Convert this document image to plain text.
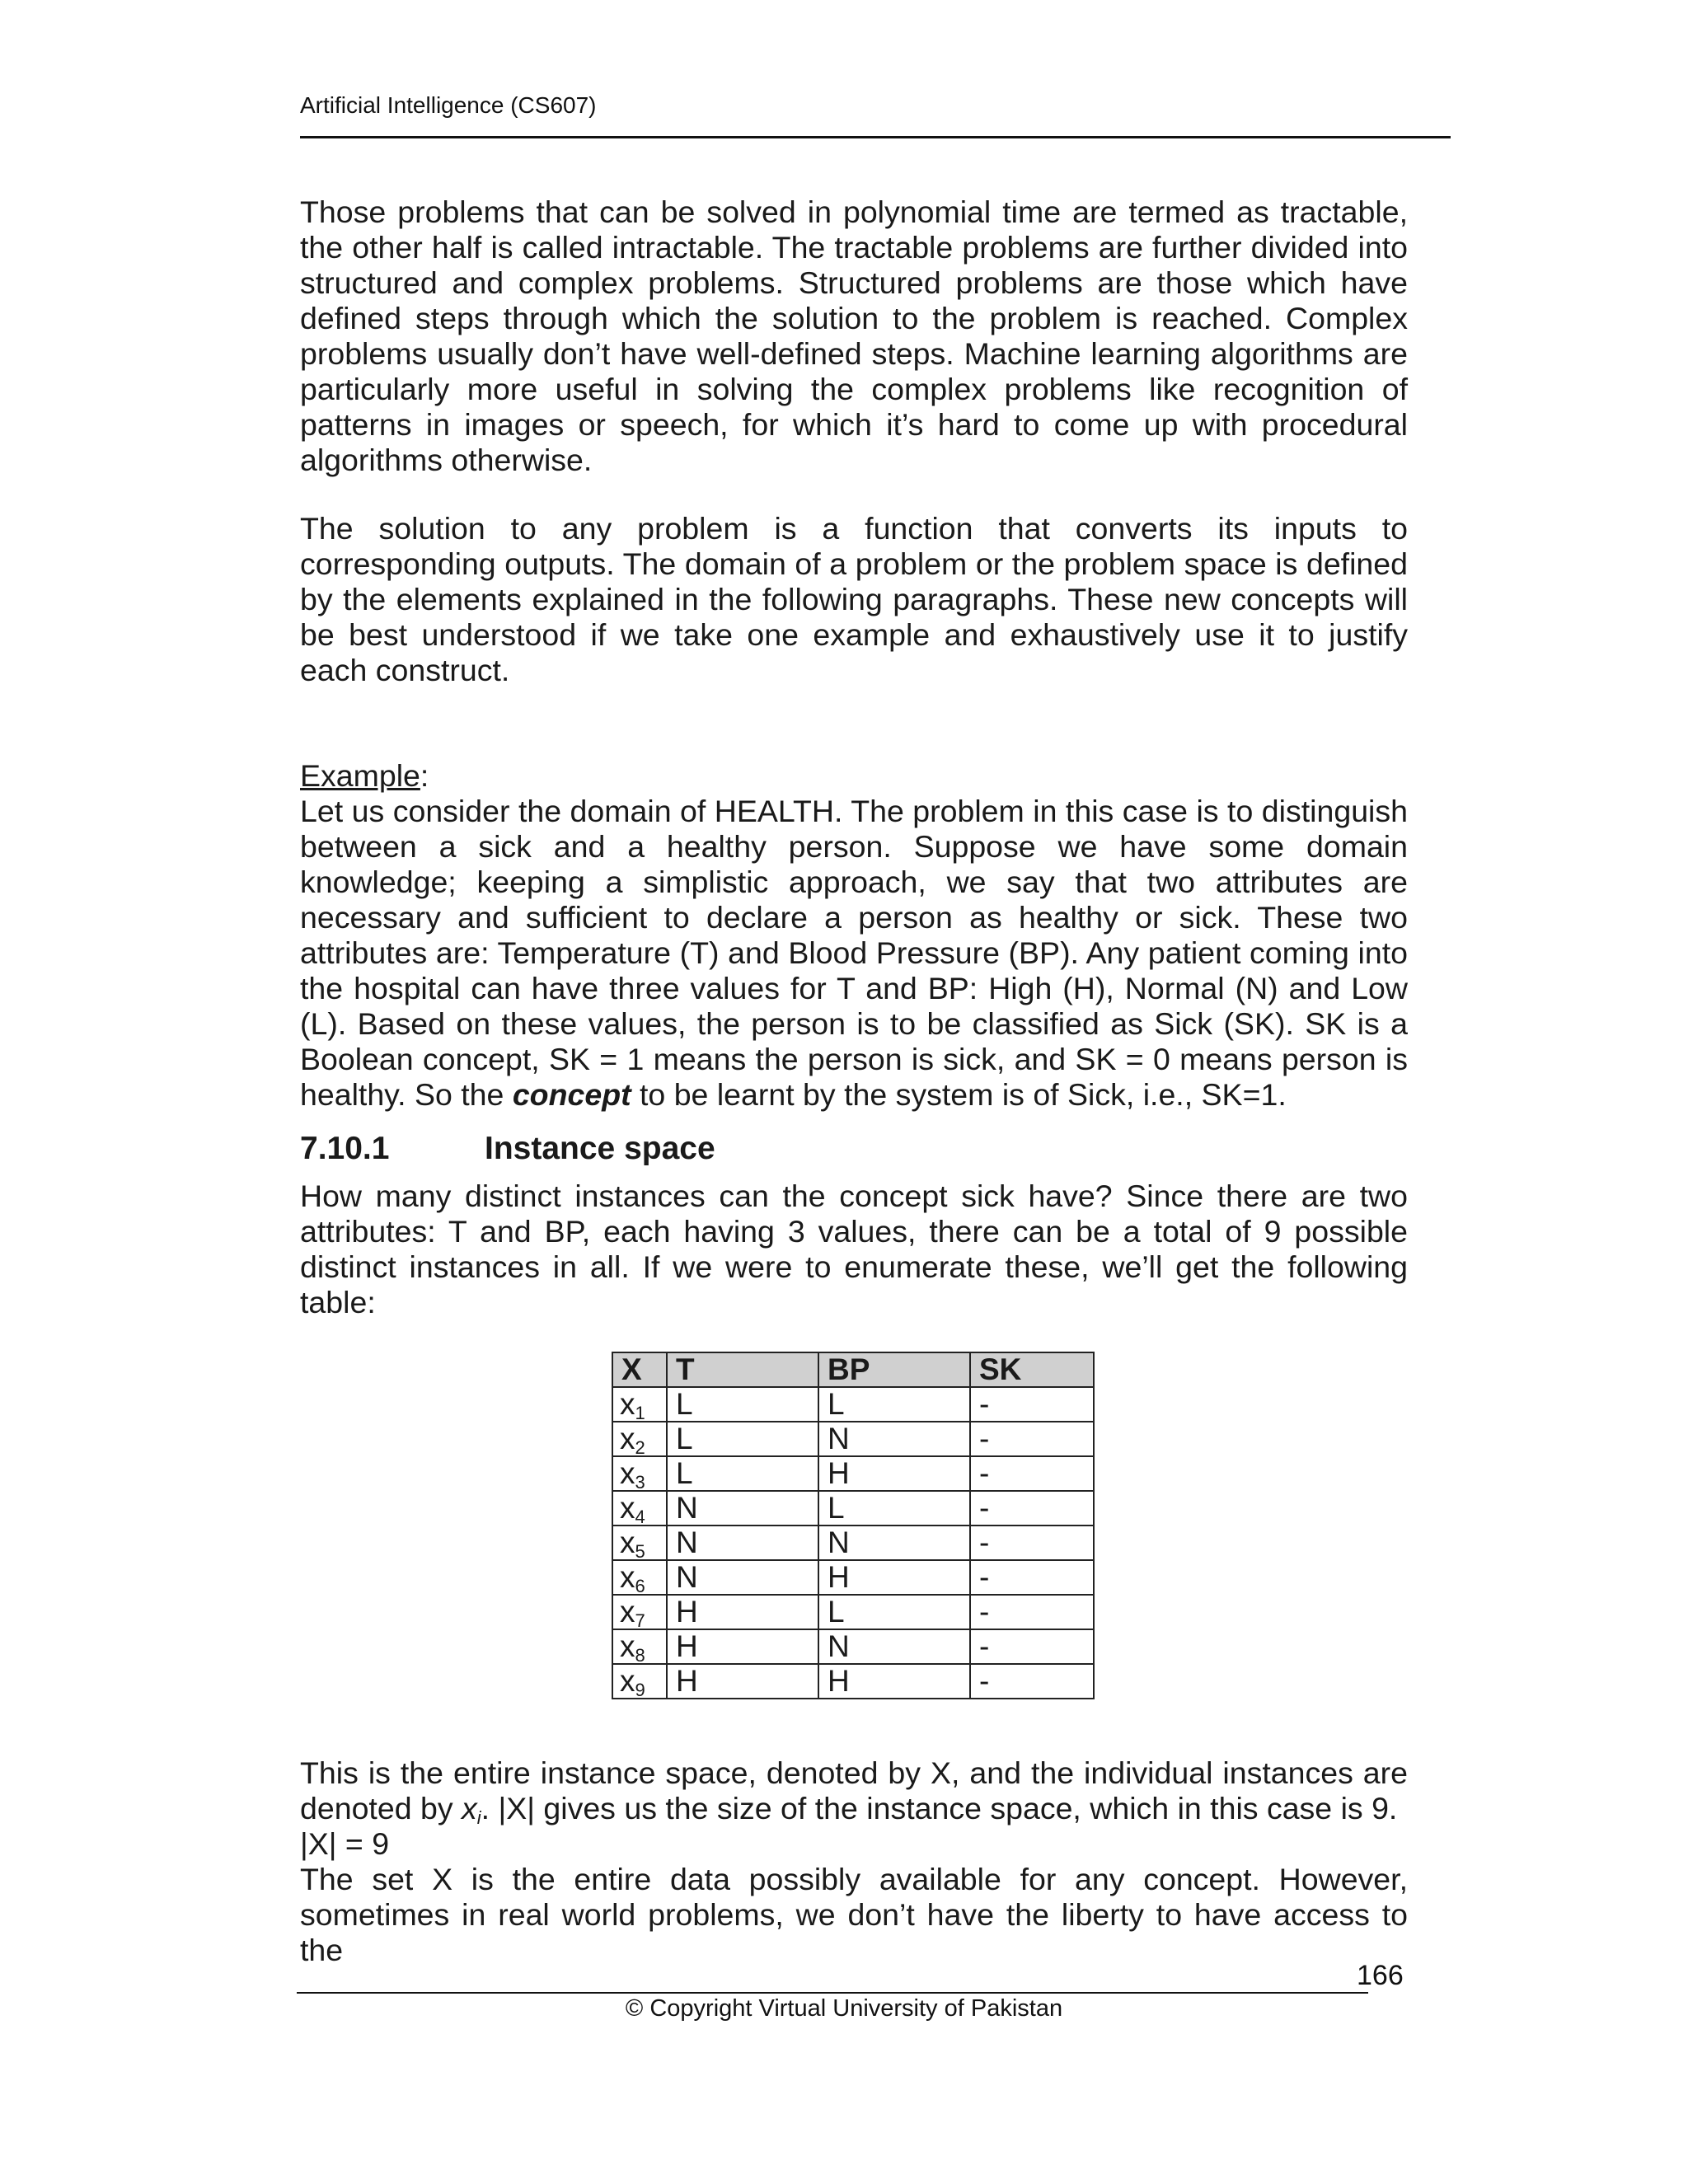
Artificial Intelligence (CS607)

Those problems that can be solved in polynomial time are termed as tractable, the other half is called intractable. The tractable problems are further divided into structured and complex problems. Structured problems are those which have defined steps through which the solution to the problem is reached. Complex problems usually don’t have well-defined steps. Machine learning algorithms are particularly more useful in solving the complex problems like recognition of patterns in images or speech, for which it’s hard to come up with procedural algorithms otherwise.

The solution to any problem is a function that converts its inputs to corresponding outputs. The domain of a problem or the problem space is defined by the elements explained in the following paragraphs. These new concepts will be best understood if we take one example and exhaustively use it to justify each construct.

Example:

Let us consider the domain of HEALTH. The problem in this case is to distinguish between a sick and a healthy person. Suppose we have some domain knowledge; keeping a simplistic approach, we say that two attributes are necessary and sufficient to declare a person as healthy or sick. These two attributes are: Temperature (T) and Blood Pressure (BP). Any patient coming into the hospital can have three values for T and BP: High (H), Normal (N) and Low (L). Based on these values, the person is to be classified as Sick (SK). SK is a Boolean concept, SK = 1 means the person is sick, and SK = 0 means person is healthy. So the concept to be learnt by the system is of Sick, i.e., SK=1.

7.10.1	Instance space

How many distinct instances can the concept sick have? Since there are two attributes: T and BP, each having 3 values, there can be a total of 9 possible distinct instances in all. If we were to enumerate these, we’ll get the following table:

X	T	BP	SK
$x_1$	L	L	-
$x_2$	L	N	-
$x_3$	L	H	-
$x_4$	N	L	-
$x_5$	N	N	-
$x_6$	N	H	-
$x_7$	H	L	-
$x_8$	H	N	-
$x_9$	H	H	-

This is the entire instance space, denoted by X, and the individual instances are denoted by $x_i$. |X| gives us the size of the instance space, which in this case is 9.

|X| = 9

The set X is the entire data possibly available for any concept. However, sometimes in real world problems, we don’t have the liberty to have access to the

166
© Copyright Virtual University of Pakistan
